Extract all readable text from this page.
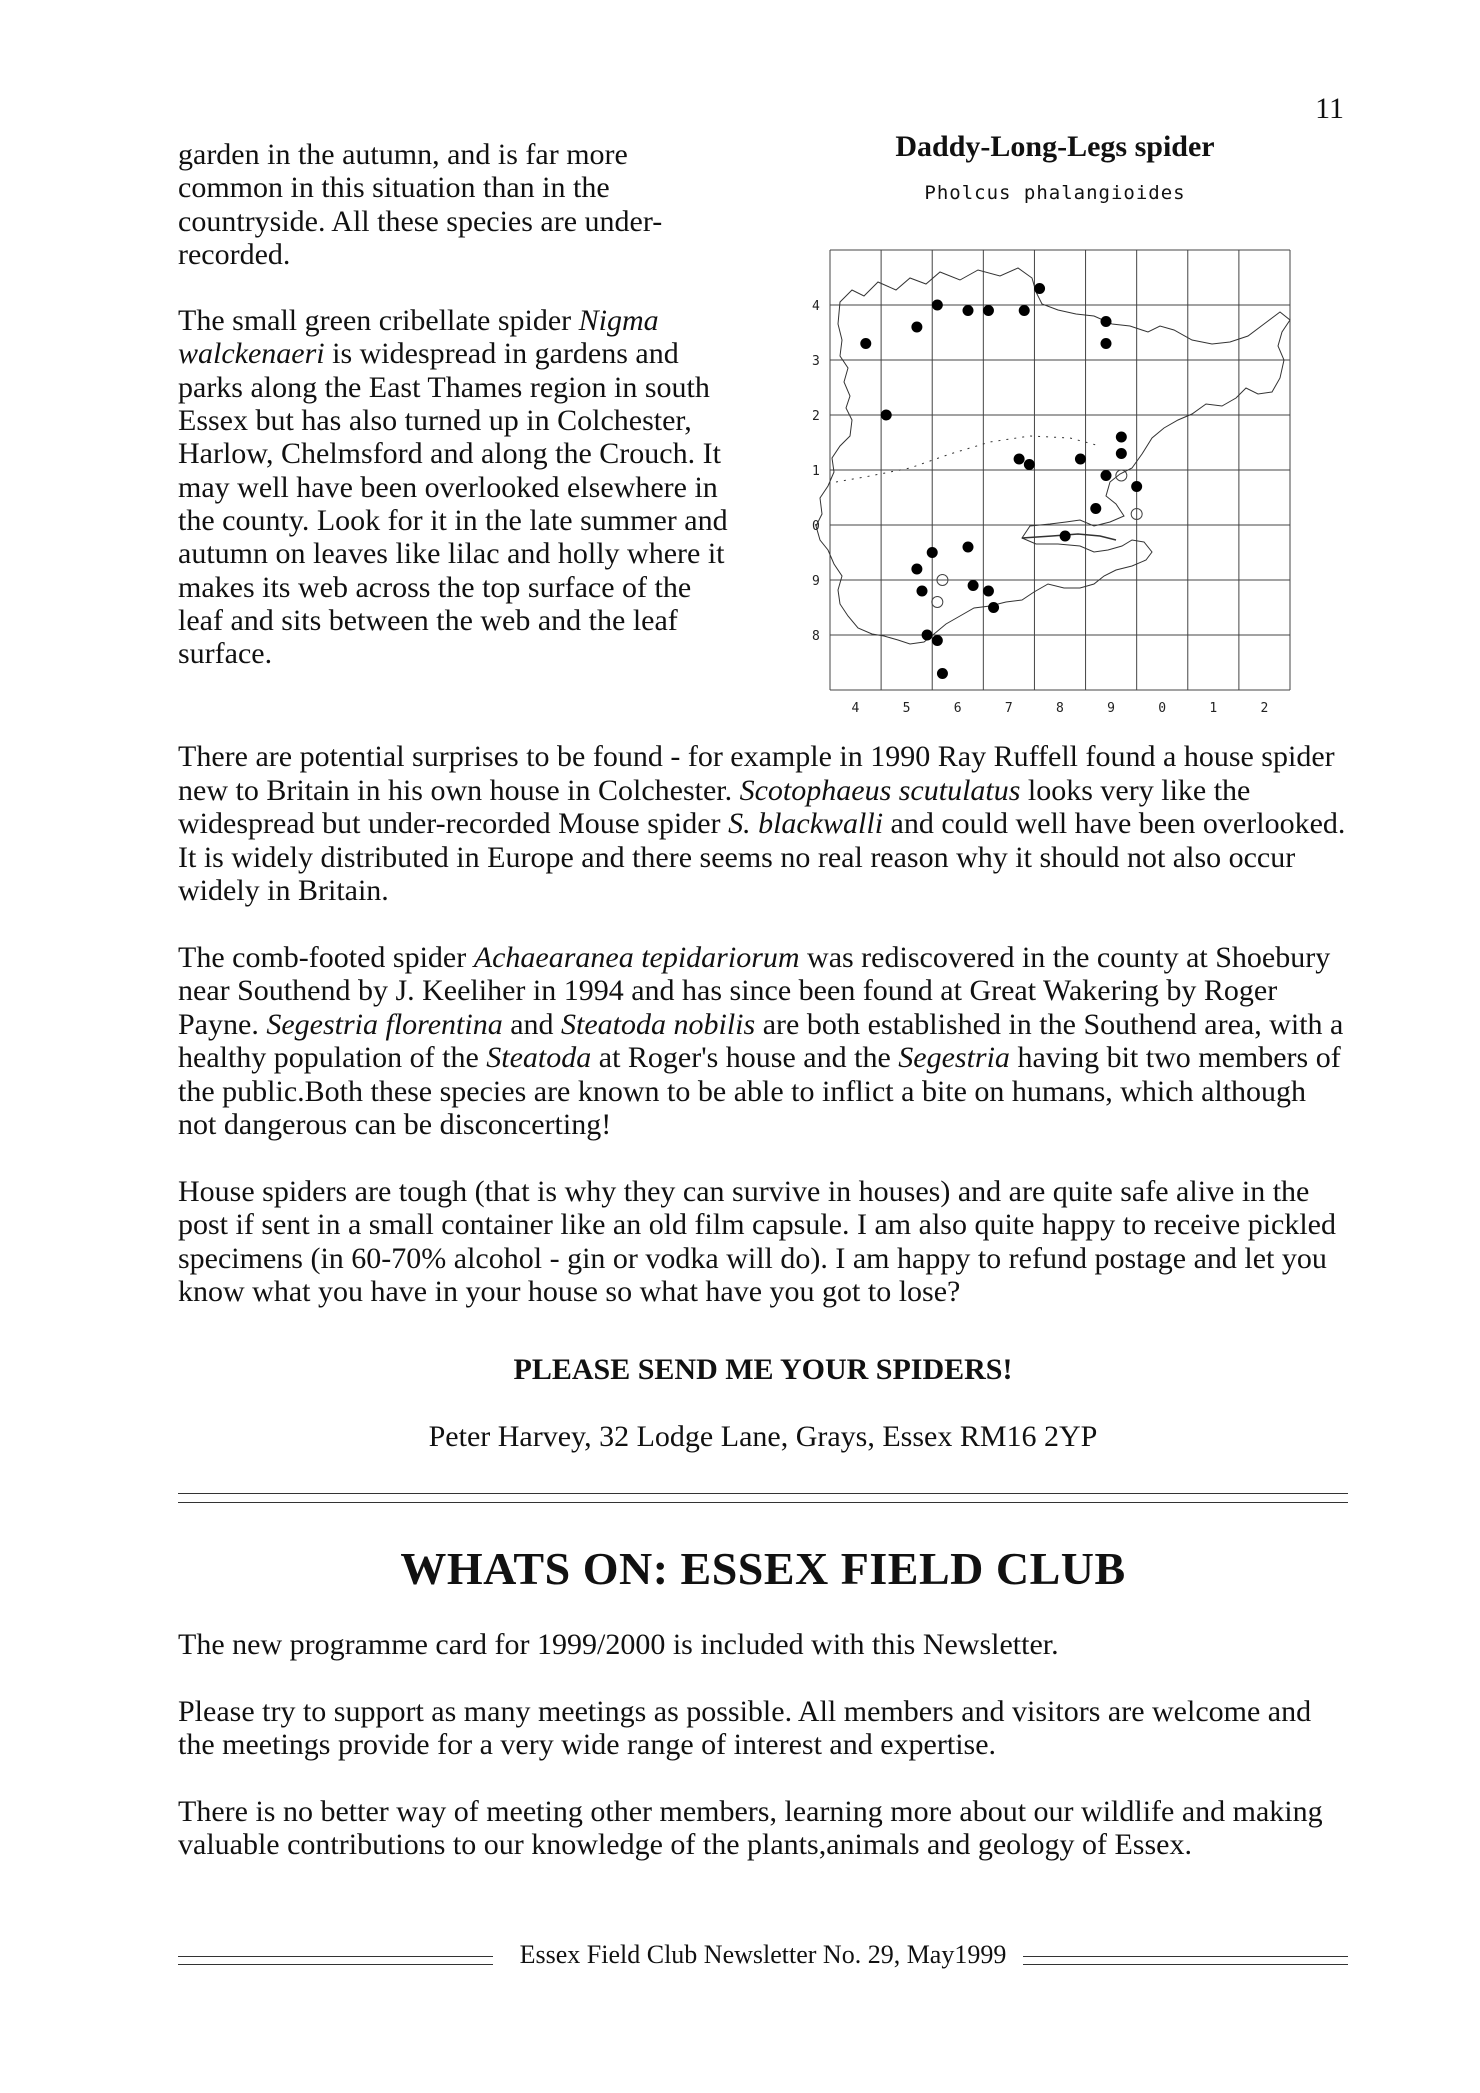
11

garden in the autumn, and is far more common in this situation than in the countryside. All these species are under-recorded.

The small green cribellate spider Nigma walckenaeri is widespread in gardens and parks along the East Thames region in south Essex but has also turned up in Colchester, Harlow, Chelmsford and along the Crouch. It may well have been overlooked elsewhere in the county. Look for it in the late summer and autumn on leaves like lilac and holly where it makes its web across the top surface of the leaf and sits between the web and the leaf surface.

Daddy-Long-Legs spider
Pholcus phalangioides
4	5	6	7	8	9	0	1	2
4
3
2
1
0
9
8

There are potential surprises to be found - for example in 1990 Ray Ruffell found a house spider new to Britain in his own house in Colchester. Scotophaeus scutulatus looks very like the widespread but under-recorded Mouse spider S. blackwalli and could well have been overlooked. It is widely distributed in Europe and there seems no real reason why it should not also occur widely in Britain.

The comb-footed spider Achaearanea tepidariorum was rediscovered in the county at Shoebury near Southend by J. Keeliher in 1994 and has since been found at Great Wakering by Roger Payne. Segestria florentina and Steatoda nobilis are both established in the Southend area, with a healthy population of the Steatoda at Roger's house and the Segestria having bit two members of the public.Both these species are known to be able to inflict a bite on humans, which although not dangerous can be disconcerting!

House spiders are tough (that is why they can survive in houses) and are quite safe alive in the post if sent in a small container like an old film capsule. I am also quite happy to receive pickled specimens (in 60-70% alcohol - gin or vodka will do). I am happy to refund postage and let you know what you have in your house so what have you got to lose?

PLEASE SEND ME YOUR SPIDERS!
Peter Harvey, 32 Lodge Lane, Grays, Essex RM16 2YP
WHATS ON: ESSEX FIELD CLUB

The new programme card for 1999/2000 is included with this Newsletter.

Please try to support as many meetings as possible. All members and visitors are welcome and the meetings provide for a very wide range of interest and expertise.

There is no better way of meeting other members, learning more about our wildlife and making valuable contributions to our knowledge of the plants,animals and geology of Essex.

Essex Field Club Newsletter No. 29, May1999
